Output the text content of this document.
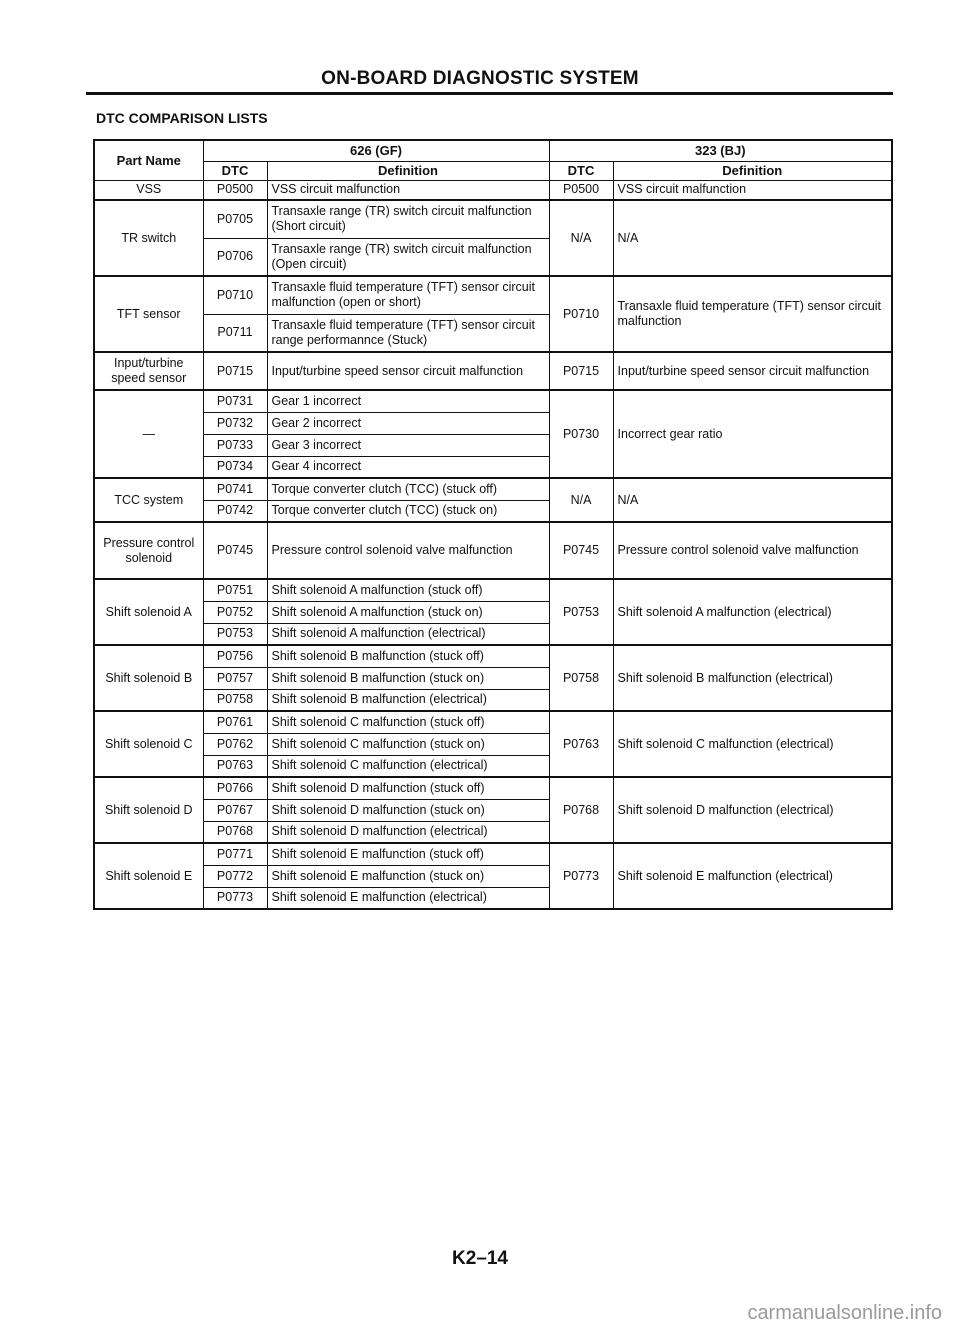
ON-BOARD DIAGNOSTIC SYSTEM
DTC COMPARISON LISTS
Part Name	626 (GF)		323 (BJ)	
	DTC	Definition	DTC	Definition
VSS	P0500	VSS circuit malfunction	P0500	VSS circuit malfunction
TR switch	P0705	Transaxle range (TR) switch circuit malfunction (Short circuit)	N/A	N/A
	P0706	Transaxle range (TR) switch circuit malfunction (Open circuit)		
TFT sensor	P0710	Transaxle fluid temperature (TFT) sensor circuit malfunction (open or short)	P0710	Transaxle fluid temperature (TFT) sensor circuit malfunction
	P0711	Transaxle fluid temperature (TFT) sensor circuit range performannce (Stuck)		
Input/turbine speed sensor	P0715	Input/turbine speed sensor circuit malfunction	P0715	Input/turbine speed sensor circuit malfunction
—	P0731	Gear 1 incorrect	P0730	Incorrect gear ratio
	P0732	Gear 2 incorrect		
	P0733	Gear 3 incorrect		
	P0734	Gear 4 incorrect		
TCC system	P0741	Torque converter clutch (TCC) (stuck off)	N/A	N/A
	P0742	Torque converter clutch (TCC) (stuck on)		
Pressure control solenoid	P0745	Pressure control solenoid valve malfunction	P0745	Pressure control solenoid valve malfunction
Shift solenoid A	P0751	Shift solenoid A malfunction (stuck off)	P0753	Shift solenoid A malfunction (electrical)
	P0752	Shift solenoid A malfunction (stuck on)		
	P0753	Shift solenoid A malfunction (electrical)		
Shift solenoid B	P0756	Shift solenoid B malfunction (stuck off)	P0758	Shift solenoid B malfunction (electrical)
	P0757	Shift solenoid B malfunction (stuck on)		
	P0758	Shift solenoid B malfunction (electrical)		
Shift solenoid C	P0761	Shift solenoid C malfunction (stuck off)	P0763	Shift solenoid C malfunction (electrical)
	P0762	Shift solenoid C malfunction (stuck on)		
	P0763	Shift solenoid C malfunction (electrical)		
Shift solenoid D	P0766	Shift solenoid D malfunction (stuck off)	P0768	Shift solenoid D malfunction (electrical)
	P0767	Shift solenoid D malfunction (stuck on)		
	P0768	Shift solenoid D malfunction (electrical)		
Shift solenoid E	P0771	Shift solenoid E malfunction (stuck off)	P0773	Shift solenoid E malfunction (electrical)
	P0772	Shift solenoid E malfunction (stuck on)		
	P0773	Shift solenoid E malfunction (electrical)		
K2–14
carmanualsonline.info
